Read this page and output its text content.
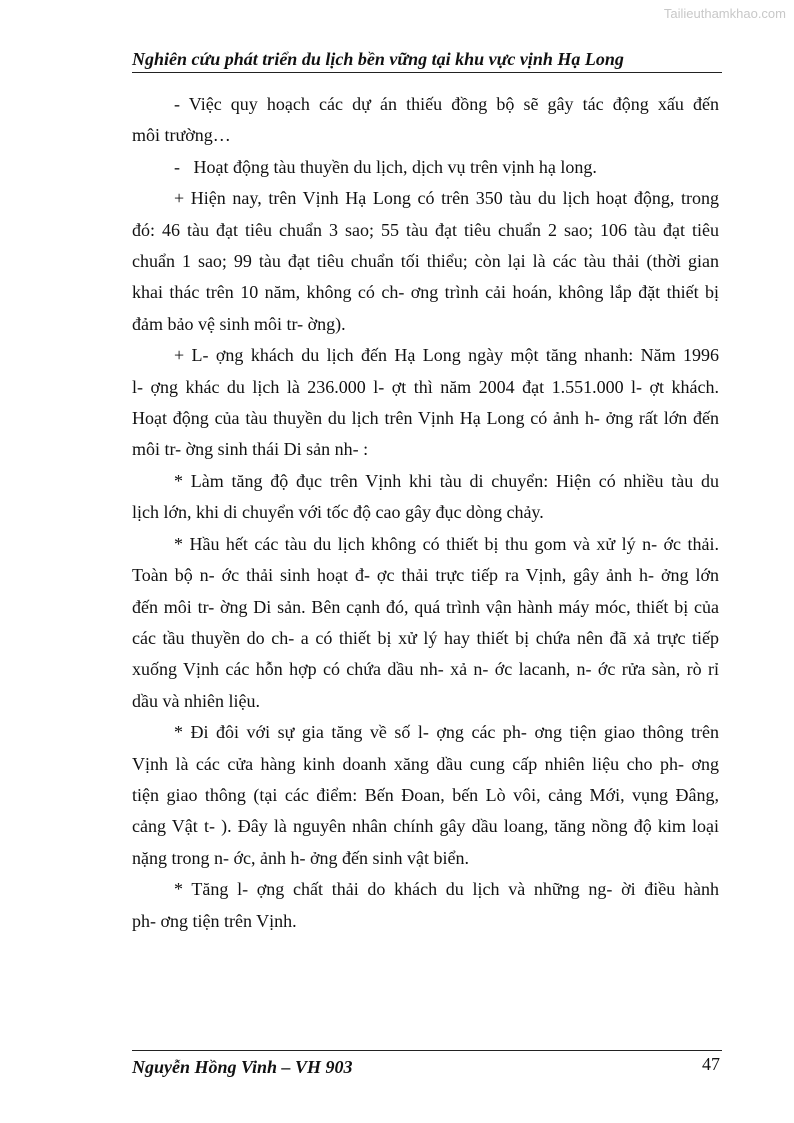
Tailieuthamkhao.com
Nghiên cứu phát triển du lịch bền vững tại khu vực vịnh Hạ Long
- Việc quy hoạch các dự án thiếu đồng bộ sẽ gây tác động xấu đến
môi trường…
-   Hoạt động tàu thuyền du lịch, dịch vụ trên vịnh hạ long.
+ Hiện nay, trên Vịnh Hạ Long có trên 350 tàu du lịch hoạt động, trong
đó: 46 tàu đạt tiêu chuẩn 3 sao; 55 tàu đạt tiêu chuẩn 2 sao; 106 tàu đạt tiêu
chuẩn 1 sao; 99 tàu đạt tiêu chuẩn tối thiểu; còn lại là các tàu thải (thời gian
khai thác trên 10 năm, không có ch- ơng trình cải hoán, không lắp đặt thiết bị
đảm bảo vệ sinh môi tr- ờng).
+ L- ợng khách du lịch đến Hạ Long ngày một tăng nhanh: Năm 1996
l- ợng khác du lịch là 236.000 l- ợt thì năm 2004 đạt 1.551.000 l- ợt khách.
Hoạt động của tàu thuyền du lịch trên Vịnh Hạ Long có ảnh h- ởng rất lớn đến
môi tr- ờng sinh thái Di sản nh- :
* Làm tăng độ đục trên Vịnh khi tàu di chuyển: Hiện có nhiều tàu du
lịch lớn, khi di chuyển với tốc độ cao gây đục dòng chảy.
* Hầu hết các tàu du lịch không có thiết bị thu gom và xử lý n- ớc thải.
Toàn bộ n- ớc thải sinh hoạt đ- ợc thải trực tiếp ra Vịnh, gây ảnh h- ởng lớn
đến môi tr- ờng Di sản. Bên cạnh đó, quá trình vận hành máy móc, thiết bị của
các tầu thuyền do ch- a có thiết bị xử lý hay thiết bị chứa nên đã xả trực tiếp
xuống Vịnh các hỗn hợp có chứa dầu nh- xả n- ớc lacanh, n- ớc rửa sàn, rò rỉ
dầu và nhiên liệu.
* Đi đôi với sự gia tăng về số l- ợng các ph- ơng tiện giao thông trên
Vịnh là các cửa hàng kinh doanh xăng dầu cung cấp nhiên liệu cho ph- ơng
tiện giao thông (tại các điểm: Bến Đoan, bến Lò vôi, cảng Mới, vụng Đâng,
cảng Vật t- ). Đây là nguyên nhân chính gây dầu loang, tăng nồng độ kim loại
nặng trong n- ớc, ảnh h- ởng đến sinh vật biển.
* Tăng l- ợng chất thải do khách du lịch và những ng- ời điều hành
ph- ơng tiện trên Vịnh.
Nguyễn Hồng Vinh – VH 903	47
